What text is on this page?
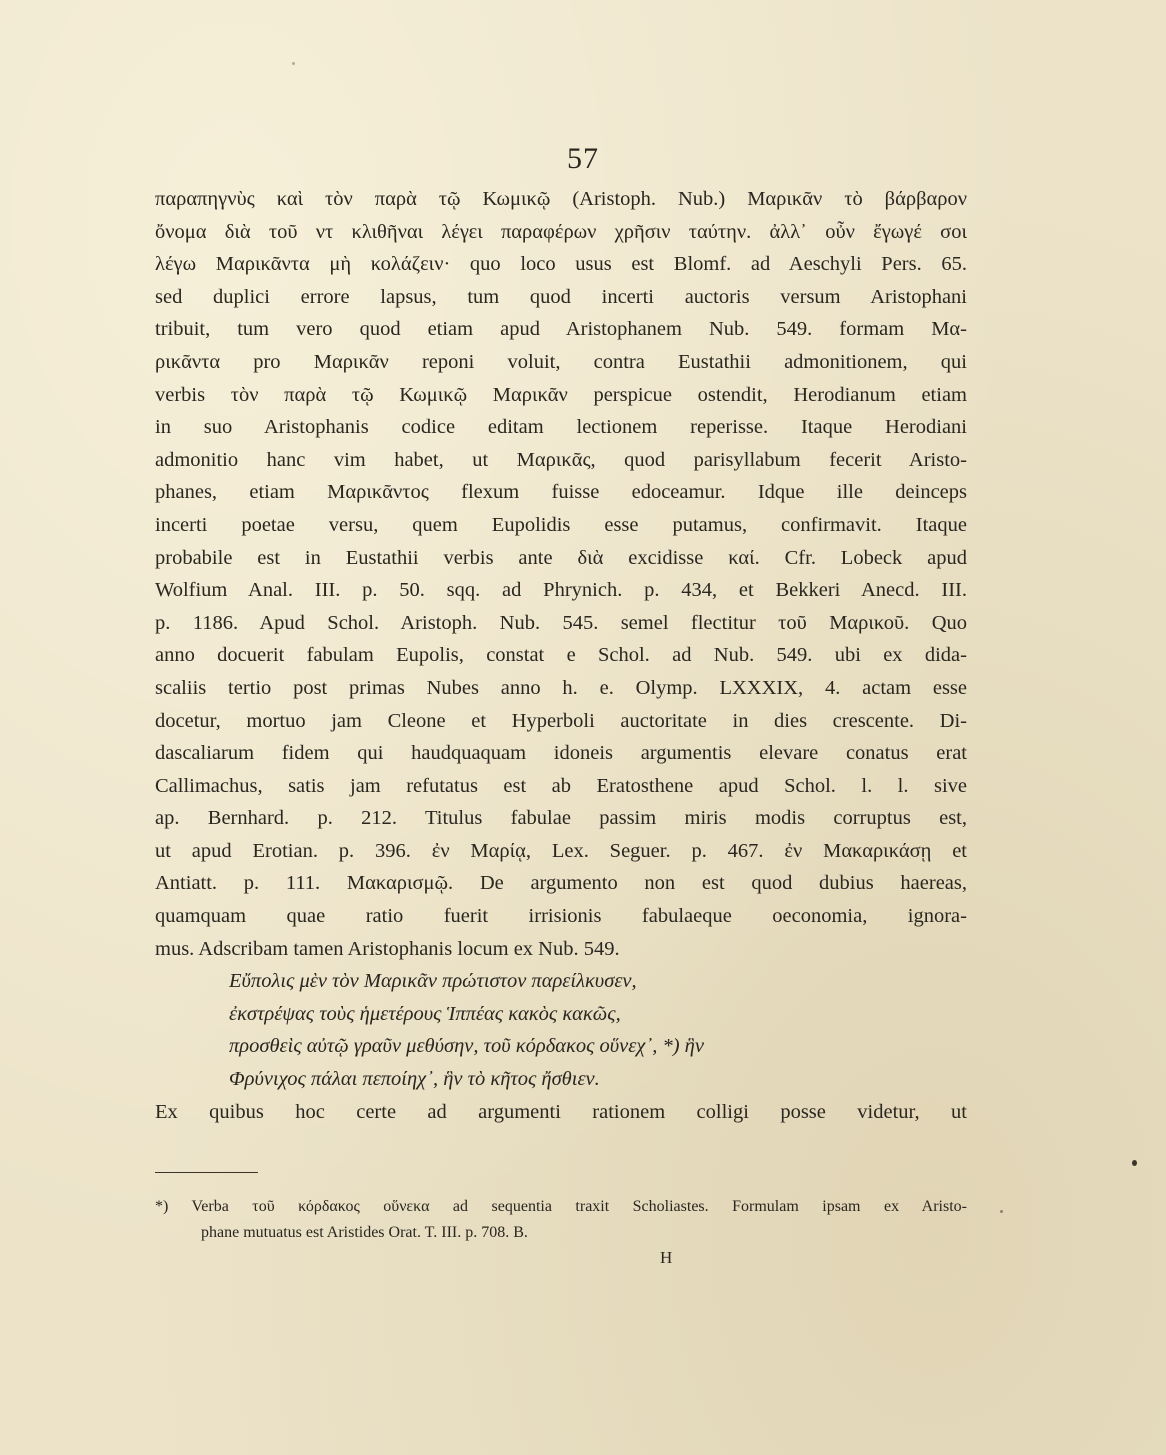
57
παραπηγνὺς καὶ τὸν παρὰ τῷ Κωμικῷ (Aristoph. Nub.) Μαρικᾶν τὸ βάρβαρον
ὄνομα διὰ τοῦ ντ κλιθῆναι λέγει παραφέρων χρῆσιν ταύτην. ἀλλ᾽ οὖν ἔγωγέ σοι
λέγω Μαρικᾶντα μὴ κολάζειν· quo loco usus est Blomf. ad Aeschyli Pers. 65.
sed duplici errore lapsus, tum quod incerti auctoris versum Aristophani
tribuit, tum vero quod etiam apud Aristophanem Nub. 549. formam Μα-
ρικᾶντα pro Μαρικᾶν reponi voluit, contra Eustathii admonitionem, qui
verbis τὸν παρὰ τῷ Κωμικῷ Μαρικᾶν perspicue ostendit, Herodianum etiam
in suo Aristophanis codice editam lectionem reperisse. Itaque Herodiani
admonitio hanc vim habet, ut Μαρικᾶς, quod parisyllabum fecerit Aristo-
phanes, etiam Μαρικᾶντος flexum fuisse edoceamur. Idque ille deinceps
incerti poetae versu, quem Eupolidis esse putamus, confirmavit. Itaque
probabile est in Eustathii verbis ante διὰ excidisse καί. Cfr. Lobeck apud
Wolfium Anal. III. p. 50. sqq. ad Phrynich. p. 434, et Bekkeri Anecd. III.
p. 1186. Apud Schol. Aristoph. Nub. 545. semel flectitur τοῦ Μαρικοῦ. Quo
anno docuerit fabulam Eupolis, constat e Schol. ad Nub. 549. ubi ex dida-
scaliis tertio post primas Nubes anno h. e. Olymp. LXXXIX, 4. actam esse
docetur, mortuo jam Cleone et Hyperboli auctoritate in dies crescente. Di-
dascaliarum fidem qui haudquaquam idoneis argumentis elevare conatus erat
Callimachus, satis jam refutatus est ab Eratosthene apud Schol. l. l. sive
ap. Bernhard. p. 212. Titulus fabulae passim miris modis corruptus est,
ut apud Erotian. p. 396. ἐν Μαρίᾳ, Lex. Seguer. p. 467. ἐν Μακαρικάσῃ et
Antiatt. p. 111. Μακαρισμῷ. De argumento non est quod dubius haereas,
quamquam quae ratio fuerit irrisionis fabulaeque oeconomia, ignora-
mus. Adscribam tamen Aristophanis locum ex Nub. 549.
Εὔπολις μὲν τὸν Μαρικᾶν πρώτιστον παρείλκυσεν,
ἐκστρέψας τοὺς ἡμετέρους Ἱππέας κακὸς κακῶς,
προσθεὶς αὐτῷ γραῦν μεθύσην, τοῦ κόρδακος οὕνεχ᾽, *) ἣν
Φρύνιχος πάλαι πεποίηχ᾽, ἣν τὸ κῆτος ἤσθιεν.
Ex quibus hoc certe ad argumenti rationem colligi posse videtur, ut
*) Verba τοῦ κόρδακος οὕνεκα ad sequentia traxit Scholiastes. Formulam ipsam ex Aristo-
phane mutuatus est Aristides Orat. T. III. p. 708. B.
H
